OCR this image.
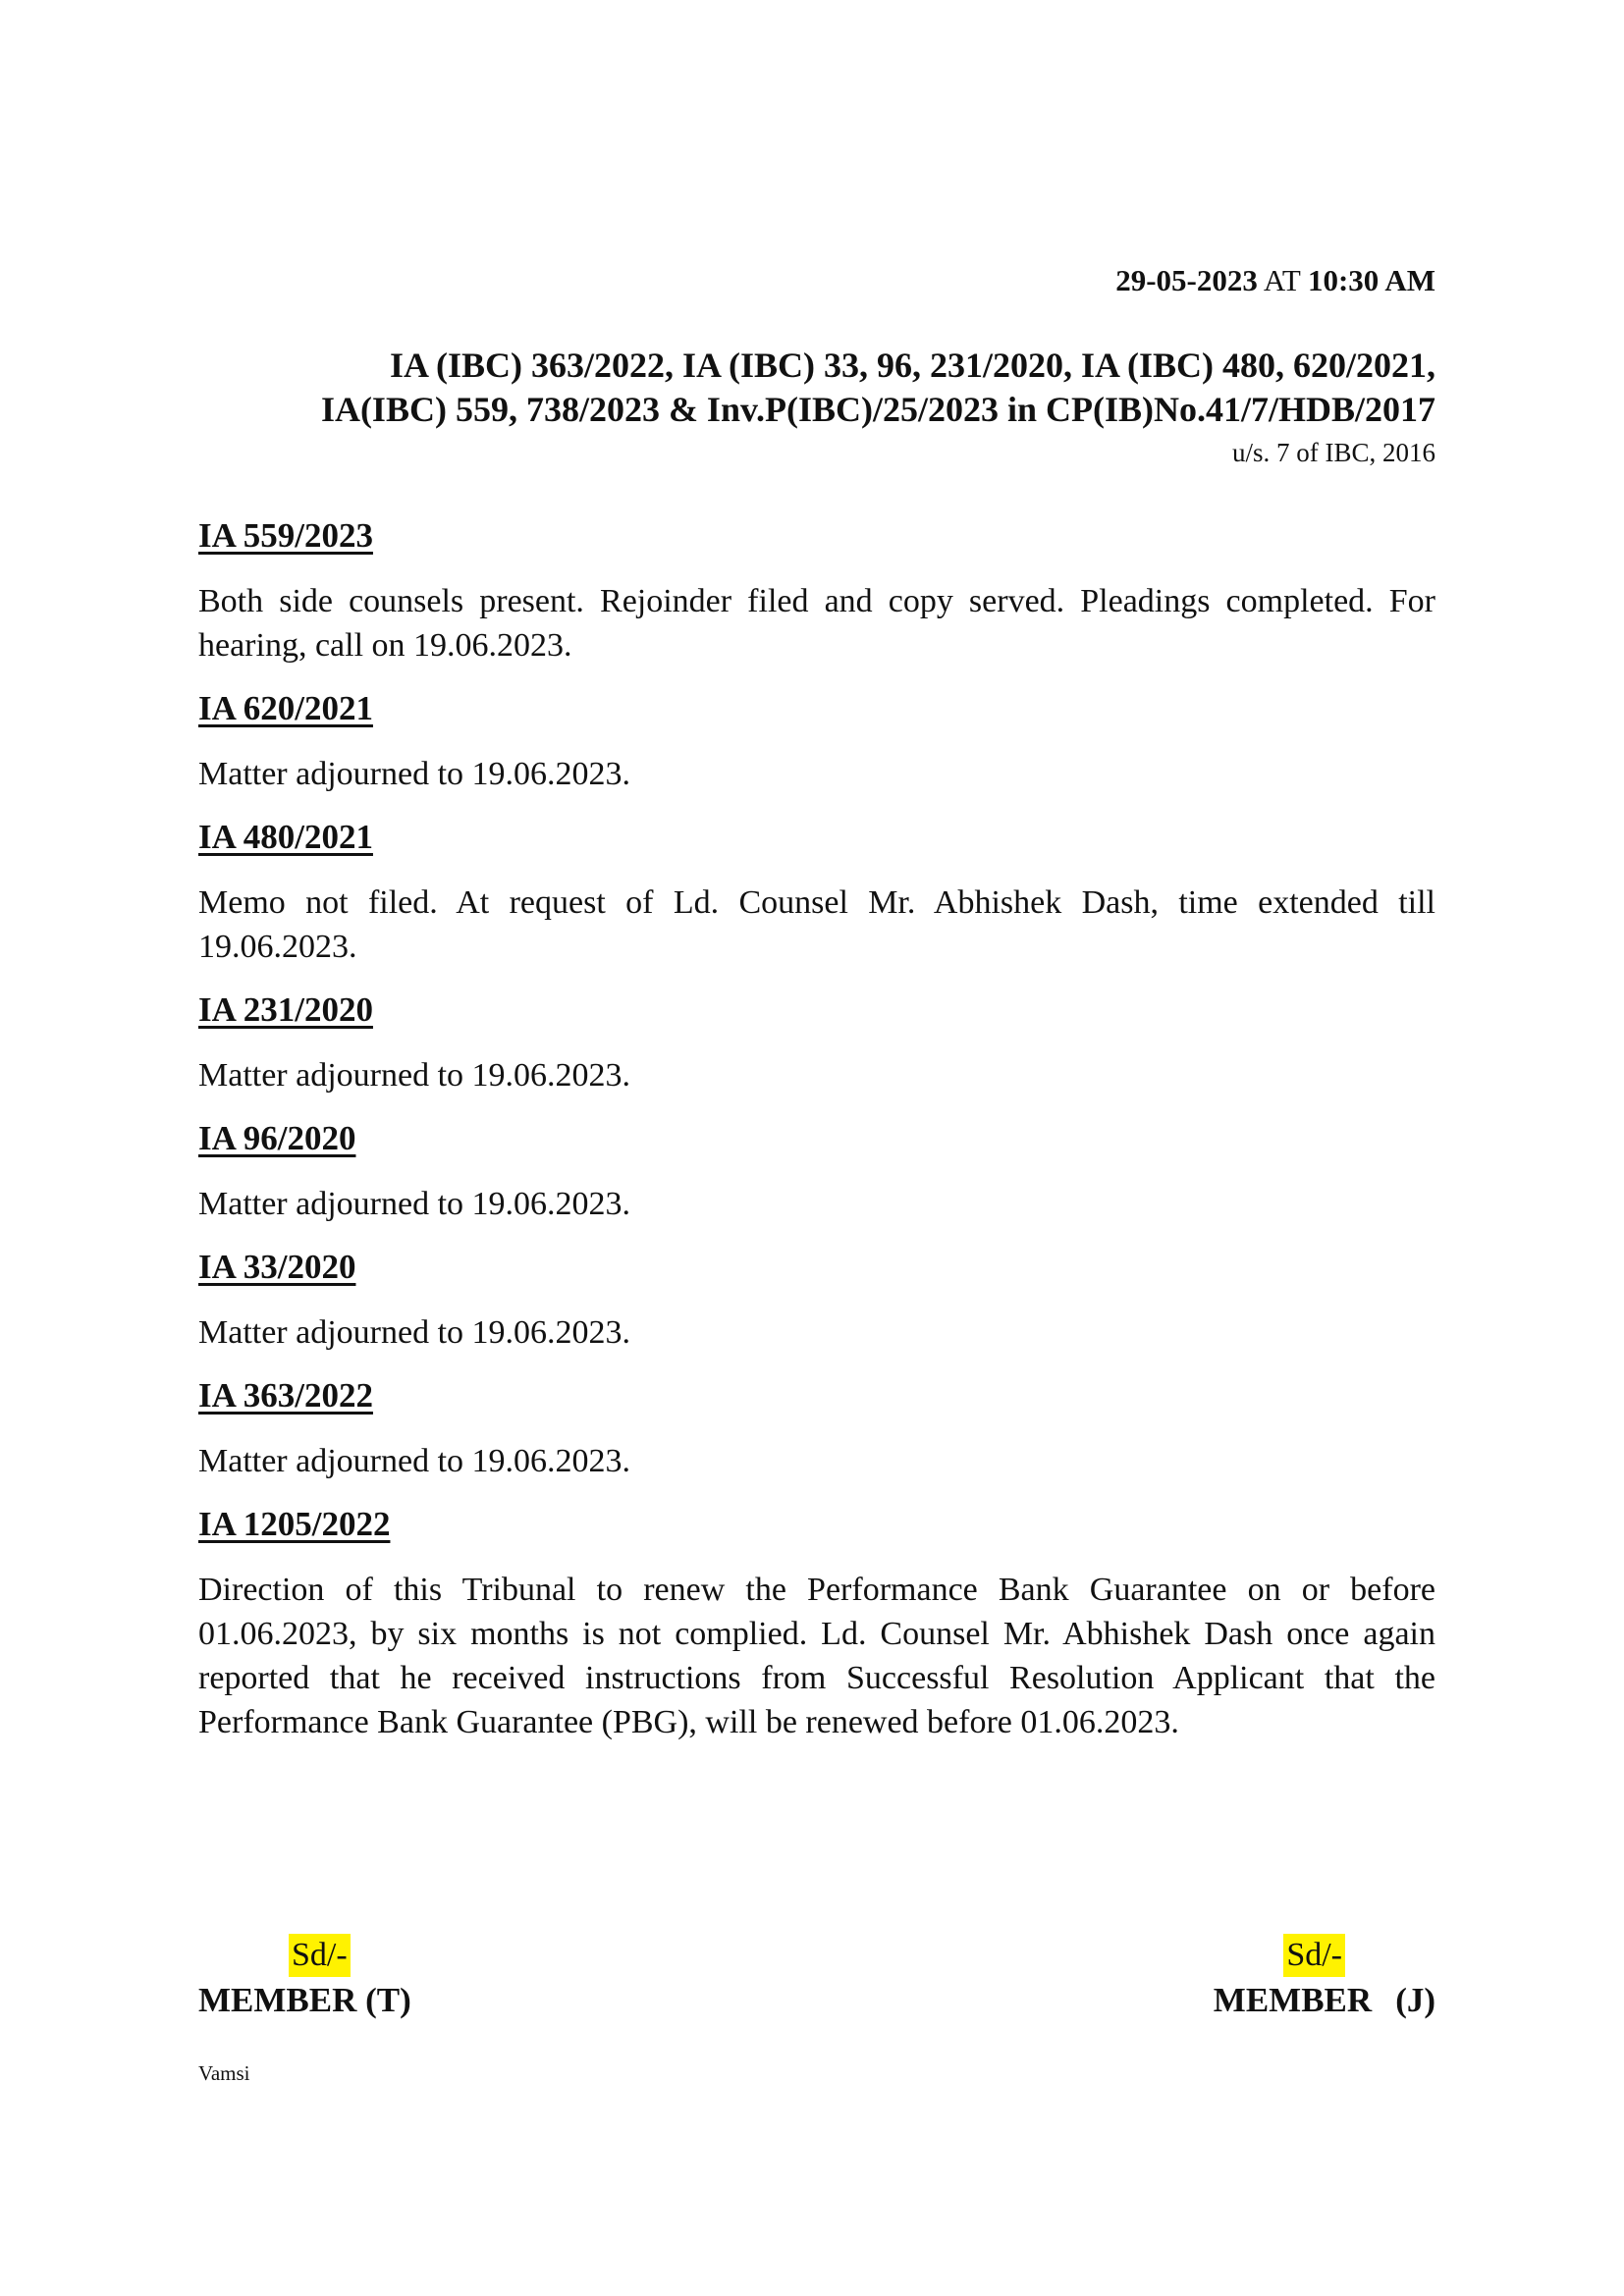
29-05-2023 AT 10:30 AM
IA (IBC) 363/2022, IA (IBC) 33, 96, 231/2020, IA (IBC) 480, 620/2021,
IA(IBC) 559, 738/2023 & Inv.P(IBC)/25/2023 in CP(IB)No.41/7/HDB/2017
u/s. 7 of IBC, 2016
IA 559/2023
Both side counsels present. Rejoinder filed and copy served. Pleadings completed. For hearing, call on 19.06.2023.
IA 620/2021
Matter adjourned to 19.06.2023.
IA 480/2021
Memo not filed. At request of Ld. Counsel Mr. Abhishek Dash, time extended till 19.06.2023.
IA 231/2020
Matter adjourned to 19.06.2023.
IA 96/2020
Matter adjourned to 19.06.2023.
IA 33/2020
Matter adjourned to 19.06.2023.
IA 363/2022
Matter adjourned to 19.06.2023.
IA 1205/2022
Direction of this Tribunal to renew the Performance Bank Guarantee on or before 01.06.2023, by six months is not complied. Ld. Counsel Mr. Abhishek Dash once again reported that he received instructions from Successful Resolution Applicant that the Performance Bank Guarantee (PBG), will be renewed before 01.06.2023.
Sd/-
MEMBER (T)
Sd/-
MEMBER (J)
Vamsi
